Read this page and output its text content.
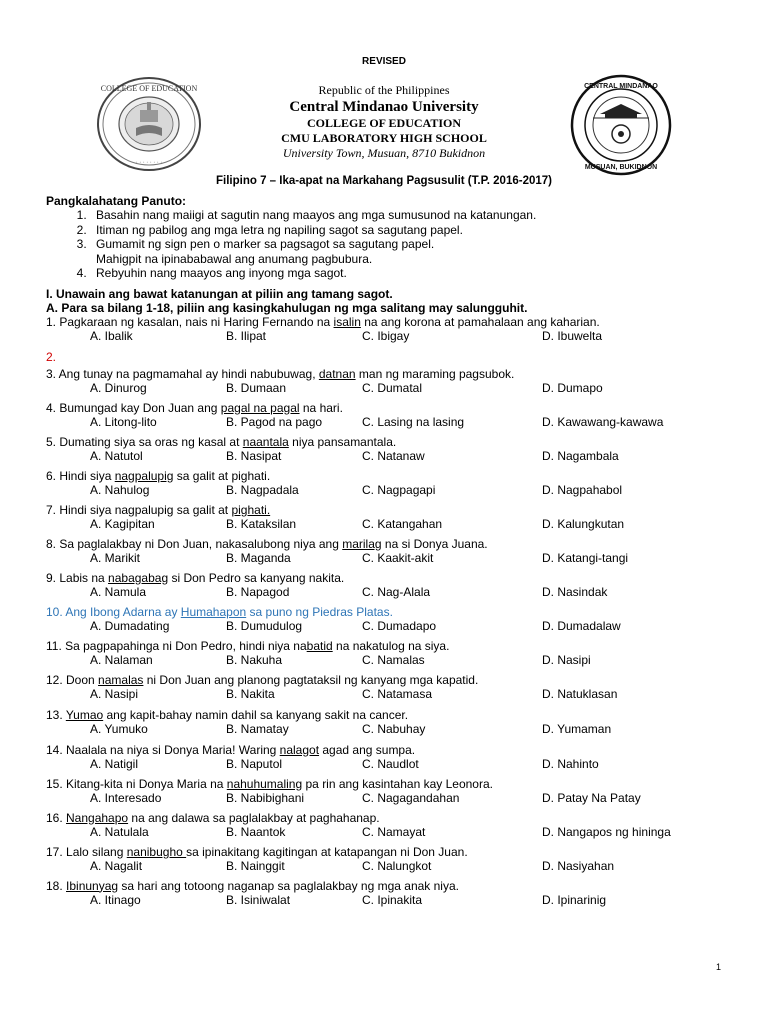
REVISED
COLLEGE OF EDUCATION
· · · · · · · ·
CENTRAL MINDANAO
MUSUAN, BUKIDNON
Republic of the Philippines
Central Mindanao University
COLLEGE OF EDUCATION
CMU LABORATORY HIGH SCHOOL
University Town, Musuan, 8710 Bukidnon
Filipino 7 – Ika-apat na Markahang Pagsusulit (T.P. 2016-2017)
Pangkalahatang Panuto:
1. Basahin nang maiigi at sagutin nang maayos ang mga sumusunod na katanungan.
2. Itiman ng pabilog ang mga letra ng napiling sagot sa sagutang papel.
3. Gumamit ng sign pen o marker sa pagsagot sa sagutang papel.
Mahigpit na ipinababawal ang anumang pagbubura.
4. Rebyuhin nang maayos ang inyong mga sagot.
I. Unawain ang bawat katanungan at piliin ang tamang sagot.
A. Para sa bilang 1-18, piliin ang kasingkahulugan ng mga salitang may salungguhit.
1. Pagkaraan ng kasalan, nais ni Haring Fernando na isalin na ang korona at pamahalaan ang kaharian.
A. Ibalik	B. Ilipat	C. Ibigay	D. Ibuwelta
2.
3. Ang tunay na pagmamahal ay hindi nabubuwag, datnan man ng maraming pagsubok.
A. Dinurog	B. Dumaan	C. Dumatal	D. Dumapo
4. Bumungad kay Don Juan ang pagal na pagal na hari.
A. Litong-lito	B. Pagod na pago	C. Lasing na lasing	D. Kawawang-kawawa
5. Dumating siya sa oras ng kasal at naantala niya pansamantala.
A. Natutol	B. Nasipat	C. Natanaw	D. Nagambala
6. Hindi siya nagpalupig sa galit at pighati.
A. Nahulog	B. Nagpadala	C. Nagpagapi	D. Nagpahabol
7. Hindi siya nagpalupig sa galit at pighati.
A. Kagipitan	B. Kataksilan	C. Katangahan	D. Kalungkutan
8. Sa paglalakbay ni Don Juan, nakasalubong niya ang marilag na si Donya Juana.
A. Marikit	B. Maganda	C. Kaakit-akit	D. Katangi-tangi
9. Labis na nabagabag si Don Pedro sa kanyang nakita.
A. Namula	B. Napagod	C. Nag-Alala	D. Nasindak
10. Ang Ibong Adarna ay Humahapon sa puno ng Piedras Platas.
A. Dumadating	B. Dumudulog	C. Dumadapo	D. Dumadalaw
11. Sa pagpapahinga ni Don Pedro, hindi niya nabatid na nakatulog na siya.
A. Nalaman	B. Nakuha	C. Namalas	D. Nasipi
12. Doon namalas ni Don Juan ang planong pagtataksil ng kanyang mga kapatid.
A. Nasipi	B. Nakita	C. Natamasa	D. Natuklasan
13. Yumao ang kapit-bahay namin dahil sa kanyang sakit na cancer.
A. Yumuko	B. Namatay	C. Nabuhay	D. Yumaman
14. Naalala na niya si Donya Maria! Waring nalagot agad ang sumpa.
A. Natigil	B. Naputol	C. Naudlot	D. Nahinto
15. Kitang-kita ni Donya Maria na nahuhumaling pa rin ang kasintahan kay Leonora.
A. Interesado	B. Nabibighani	C. Nagagandahan	D. Patay Na Patay
16. Nangahapo na ang dalawa sa paglalakbay at paghahanap.
A. Natulala	B. Naantok	C. Namayat	D. Nangapos ng hininga
17. Lalo silang nanibugho sa ipinakitang kagitingan at katapangan ni Don Juan.
A. Nagalit	B. Nainggit	C. Nalungkot	D. Nasiyahan
18. Ibinunyag sa hari ang totoong naganap sa paglalakbay ng mga anak niya.
A. Itinago	B. Isiniwalat	C. Ipinakita	D. Ipinarinig
1
